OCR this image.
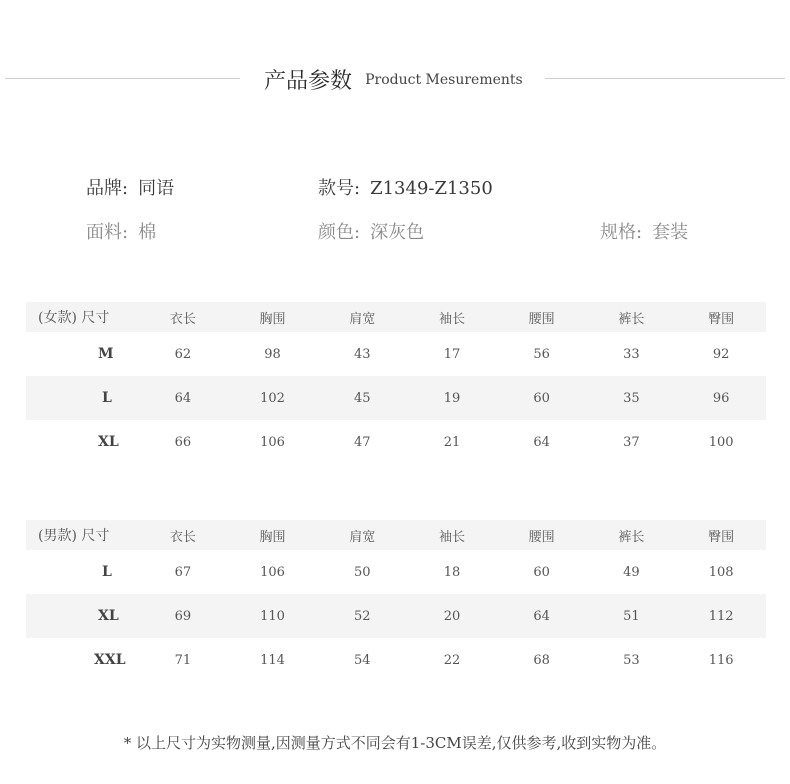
产品参数 Product Mesurements
品牌: 同语	款号: Z1349-Z1350
面料: 棉	颜色: 深灰色	规格: 套装
(女款) 尺寸	衣长	胸围	肩宽	袖长	腰围	裤长	臀围
M	62	98	43	17	56	33	92
L	64	102	45	19	60	35	96
XL	66	106	47	21	64	37	100
(男款) 尺寸	衣长	胸围	肩宽	袖长	腰围	裤长	臀围
L	67	106	50	18	60	49	108
XL	69	110	52	20	64	51	112
XXL	71	114	54	22	68	53	116
* 以上尺寸为实物测量,因测量方式不同会有1-3CM误差,仅供参考,收到实物为准。
